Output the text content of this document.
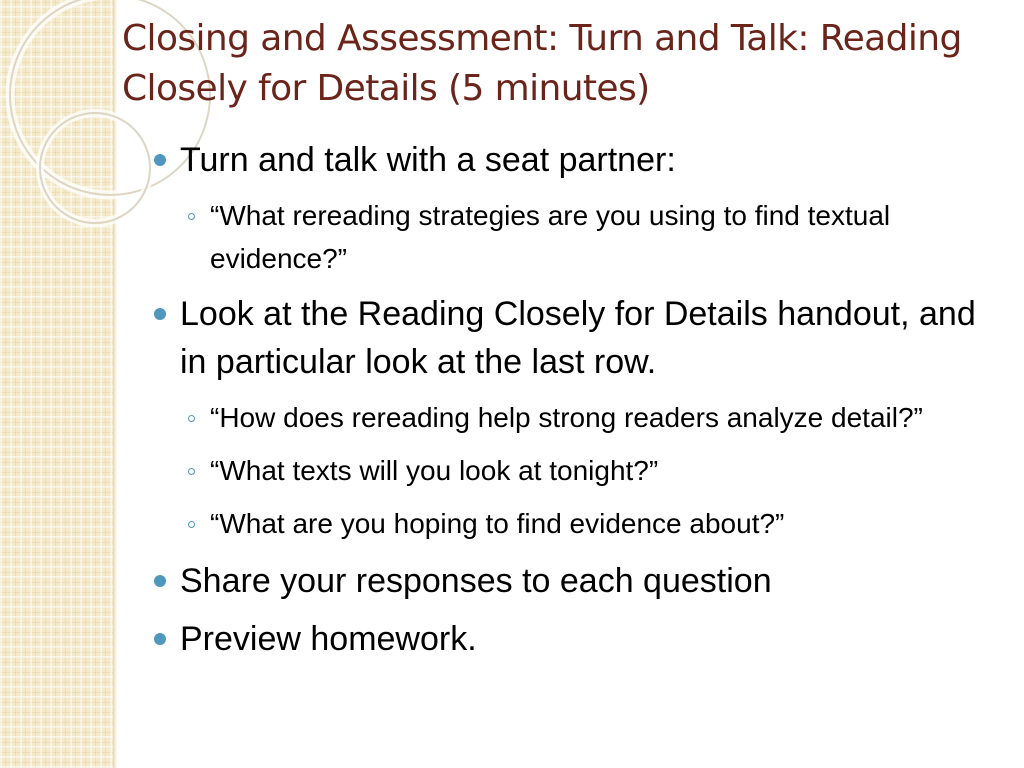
Closing and Assessment: Turn and Talk: Reading Closely for Details (5 minutes)
Turn and talk with a seat partner:
“What rereading strategies are you using to find textual evidence?”
Look at the Reading Closely for Details handout, and in particular look at the last row.
“How does rereading help strong readers analyze detail?”
“What texts will you look at tonight?”
“What are you hoping to find evidence about?”
Share your responses to each question
Preview homework.
